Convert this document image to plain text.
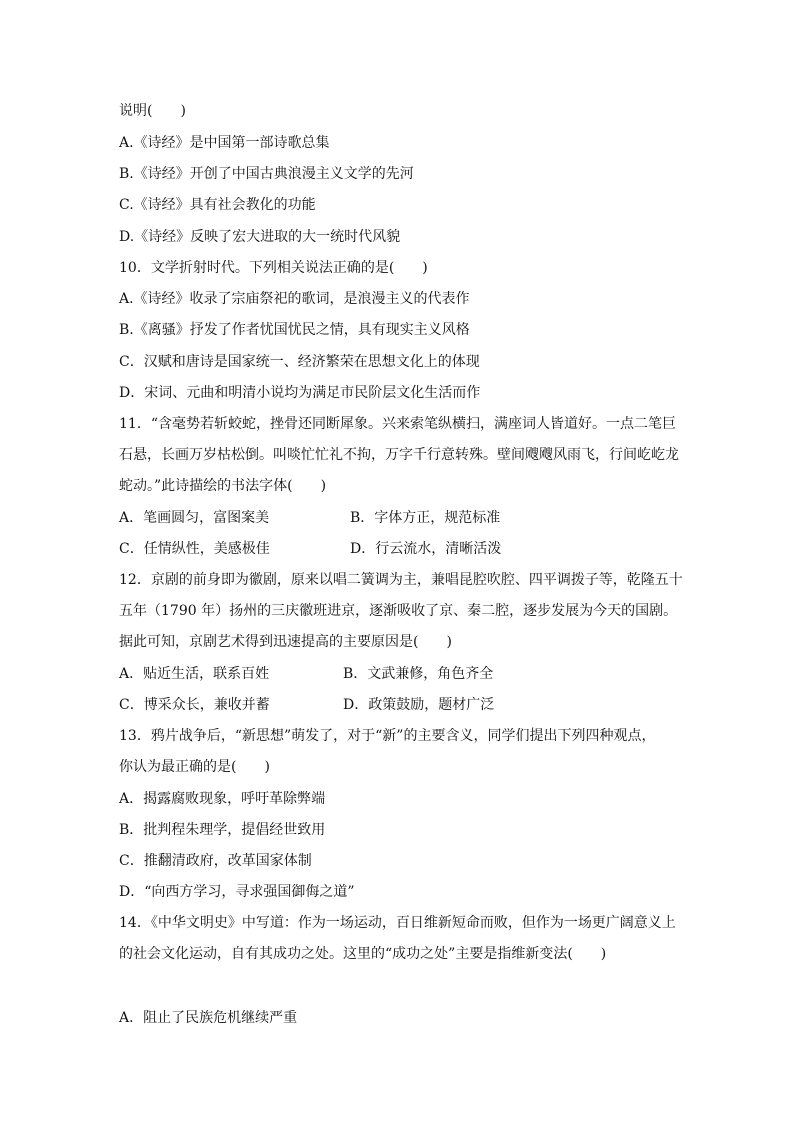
说明(　　)
A.《诗经》是中国第一部诗歌总集
B.《诗经》开创了中国古典浪漫主义文学的先河
C.《诗经》具有社会教化的功能
D.《诗经》反映了宏大进取的大一统时代风貌
10．文学折射时代。下列相关说法正确的是(　　)
A.《诗经》收录了宗庙祭祀的歌词，是浪漫主义的代表作
B.《离骚》抒发了作者忧国忧民之情，具有现实主义风格
C．汉赋和唐诗是国家统一、经济繁荣在思想文化上的体现
D．宋词、元曲和明清小说均为满足市民阶层文化生活而作
11．“含毫势若斩蛟蛇，挫骨还同断犀象。兴来索笔纵横扫，满座词人皆道好。一点二笔巨
石悬，长画万岁枯松倒。叫啖忙忙礼不拘，万字千行意转殊。壁间飕飕风雨飞，行间屹屹龙
蛇动。”此诗描绘的书法字体(　　)
A．笔画圆匀，富图案美	B．字体方正，规范标准
C．任情纵性，美感极佳	D．行云流水，清晰活泼
12．京剧的前身即为徽剧，原来以唱二簧调为主，兼唱昆腔吹腔、四平调拨子等，乾隆五十
五年（1790 年）扬州的三庆徽班进京，逐渐吸收了京、秦二腔，逐步发展为今天的国剧。
据此可知，京剧艺术得到迅速提高的主要原因是(　　)
A．贴近生活，联系百姓	B．文武兼修，角色齐全
C．博采众长，兼收并蓄	D．政策鼓励，题材广泛
13．鸦片战争后，“新思想”萌发了，对于“新”的主要含义，同学们提出下列四种观点，
你认为最正确的是(　　)
A．揭露腐败现象，呼吁革除弊端
B．批判程朱理学，提倡经世致用
C．推翻清政府，改革国家体制
D．“向西方学习，寻求强国御侮之道”
14．《中华文明史》中写道：作为一场运动，百日维新短命而败，但作为一场更广阔意义上
的社会文化运动，自有其成功之处。这里的“成功之处”主要是指维新变法(　　)
A．阻止了民族危机继续严重
